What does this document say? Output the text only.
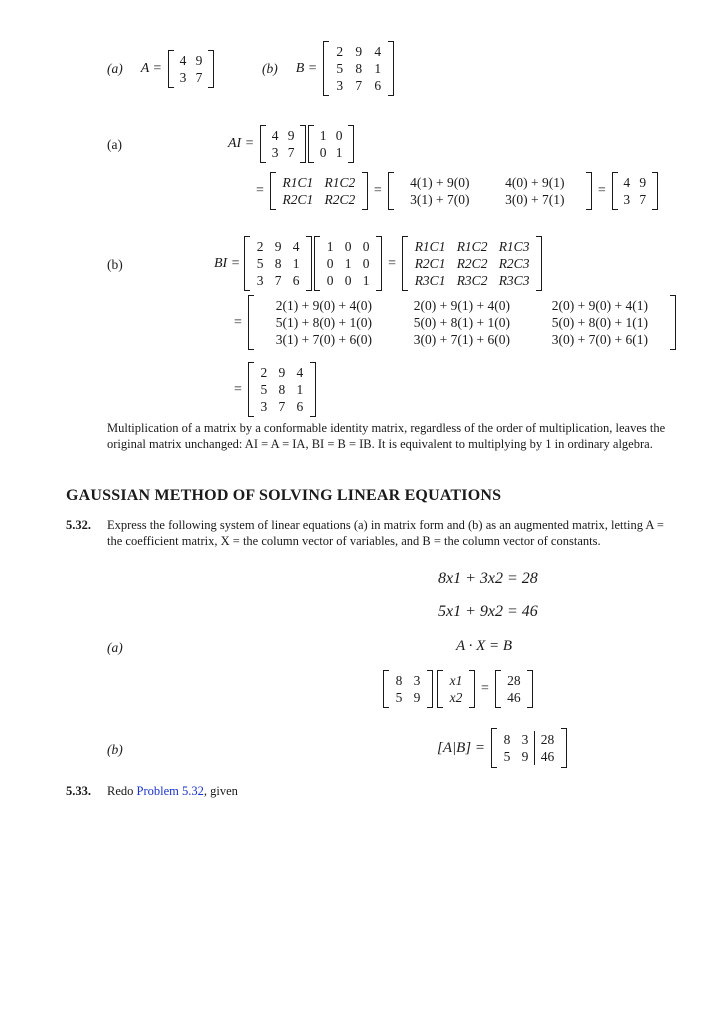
(a) A =
4 9
3 7
(b) B =
2 9 4
5 8 1
3 7 6
(a)	AI =
4 9
3 7
1 0
0 1
=
R1C1 R1C2
R2C1 R2C2
=
4(1) + 9(0)	4(0) + 9(1)
3(1) + 7(0)	3(0) + 7(1)
=
4 9
3 7
(b)	BI =
2 9 4
5 8 1
3 7 6
1 0 0
0 1 0
0 0 1
=
R1C1 R1C2 R1C3
R2C1 R2C2 R2C3
R3C1 R3C2 R3C3
=
2(1) + 9(0) + 4(0)	2(0) + 9(1) + 4(0)	2(0) + 9(0) + 4(1)
5(1) + 8(0) + 1(0)	5(0) + 8(1) + 1(0)	5(0) + 8(0) + 1(1)
3(1) + 7(0) + 6(0)	3(0) + 7(1) + 6(0)	3(0) + 7(0) + 6(1)
=
2 9 4
5 8 1
3 7 6

Multiplication of a matrix by a conformable identity matrix, regardless of the order of multiplication, leaves the original matrix unchanged: AI = A = IA, BI = B = IB. It is equivalent to multiplying by 1 in ordinary algebra.

GAUSSIAN METHOD OF SOLVING LINEAR EQUATIONS
5.32. Express the following system of linear equations (a) in matrix form and (b) as an augmented matrix, letting A = the coefficient matrix, X = the column vector of variables, and B = the column vector of constants.

8x1 + 3x2 = 28
5x1 + 9x2 = 46
(a)	A · X = B
8 3
5 9
x1
x2
=
28
46
(b)	[A|B] =	8 3 28
5 9 46
5.33. Redo Problem 5.32, given
